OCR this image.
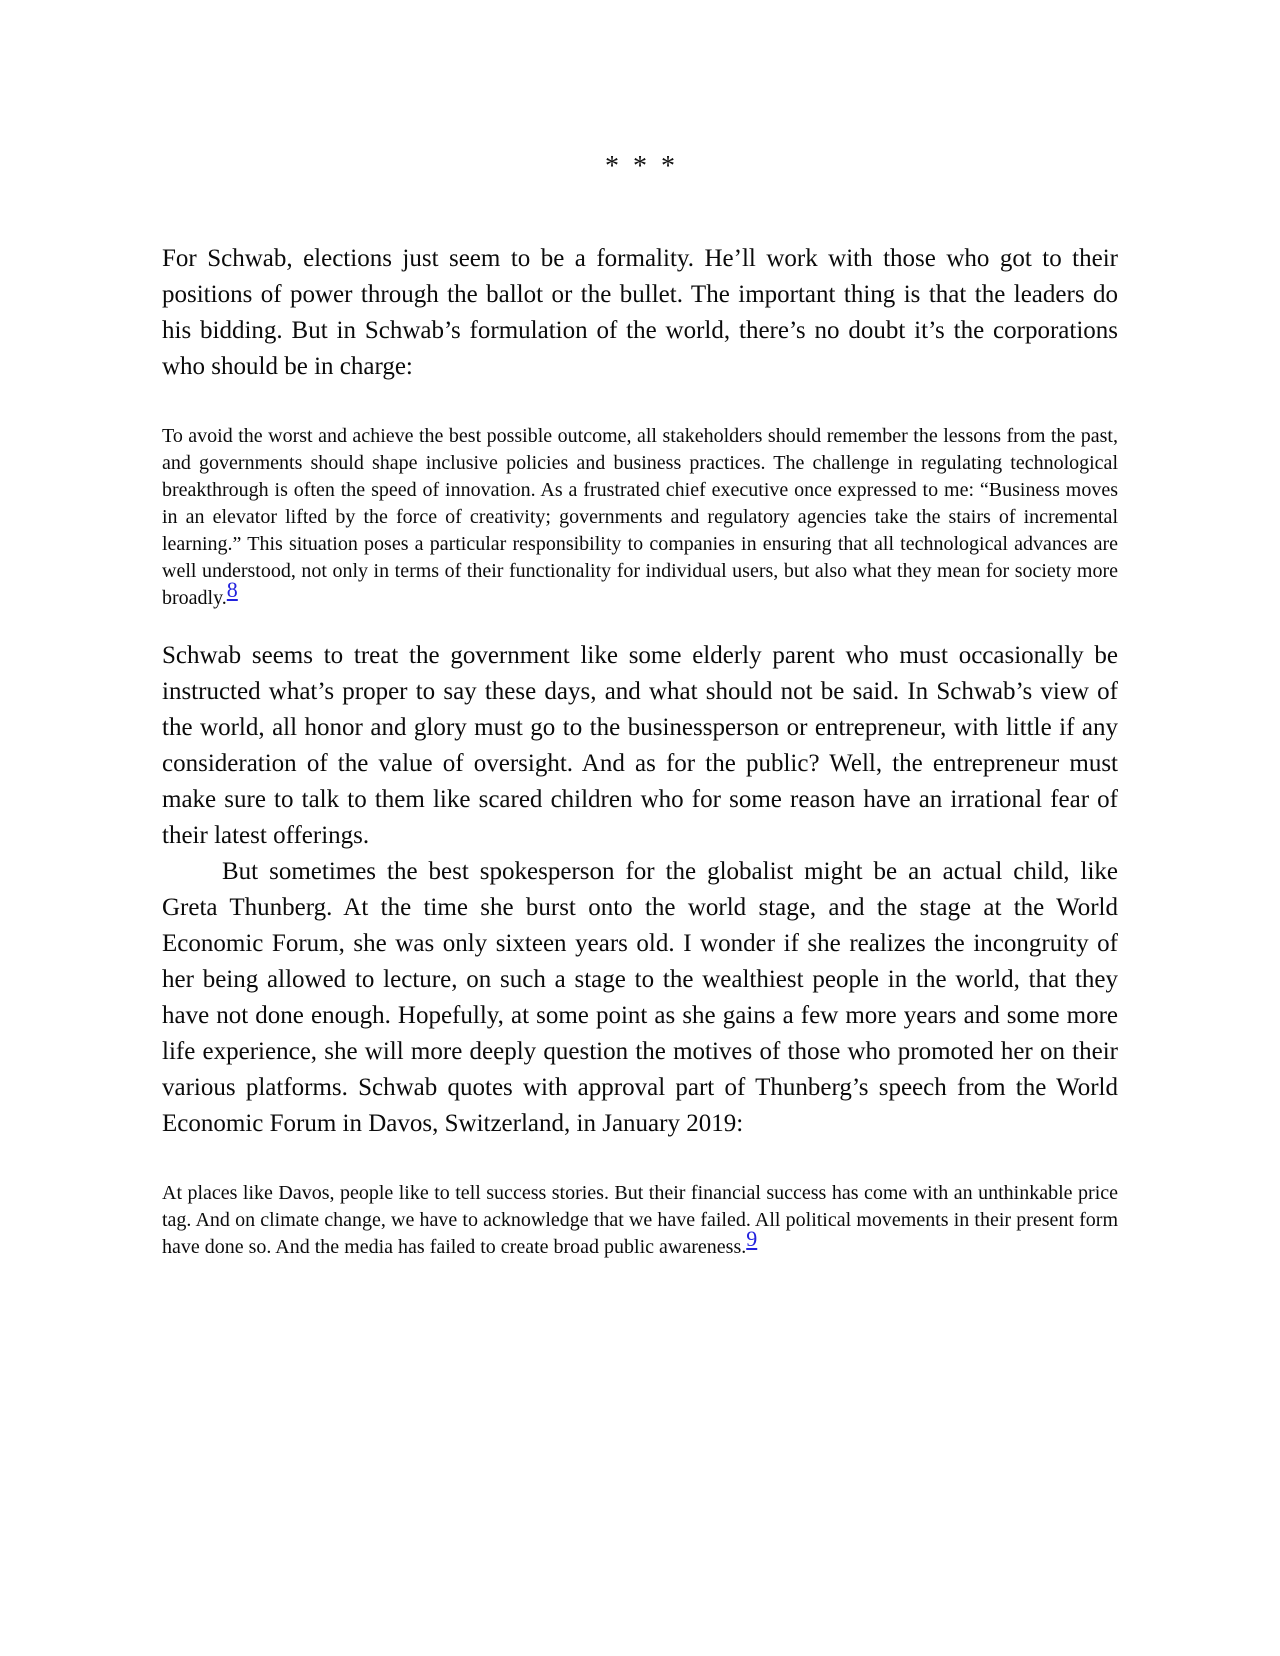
* * *

For Schwab, elections just seem to be a formality. He’ll work with those who got to their positions of power through the ballot or the bullet. The important thing is that the leaders do his bidding. But in Schwab’s formulation of the world, there’s no doubt it’s the corporations who should be in charge:

To avoid the worst and achieve the best possible outcome, all stakeholders should remember the lessons from the past, and governments should shape inclusive policies and business practices. The challenge in regulating technological breakthrough is often the speed of innovation. As a frustrated chief executive once expressed to me: “Business moves in an elevator lifted by the force of creativity; governments and regulatory agencies take the stairs of incremental learning.” This situation poses a particular responsibility to companies in ensuring that all technological advances are well understood, not only in terms of their functionality for individual users, but also what they mean for society more broadly.$^8$

Schwab seems to treat the government like some elderly parent who must occasionally be instructed what’s proper to say these days, and what should not be said. In Schwab’s view of the world, all honor and glory must go to the businessperson or entrepreneur, with little if any consideration of the value of oversight. And as for the public? Well, the entrepreneur must make sure to talk to them like scared children who for some reason have an irrational fear of their latest offerings.

But sometimes the best spokesperson for the globalist might be an actual child, like Greta Thunberg. At the time she burst onto the world stage, and the stage at the World Economic Forum, she was only sixteen years old. I wonder if she realizes the incongruity of her being allowed to lecture, on such a stage to the wealthiest people in the world, that they have not done enough. Hopefully, at some point as she gains a few more years and some more life experience, she will more deeply question the motives of those who promoted her on their various platforms. Schwab quotes with approval part of Thunberg’s speech from the World Economic Forum in Davos, Switzerland, in January 2019:

At places like Davos, people like to tell success stories. But their financial success has come with an unthinkable price tag. And on climate change, we have to acknowledge that we have failed. All political movements in their present form have done so. And the media has failed to create broad public awareness.$^9$
